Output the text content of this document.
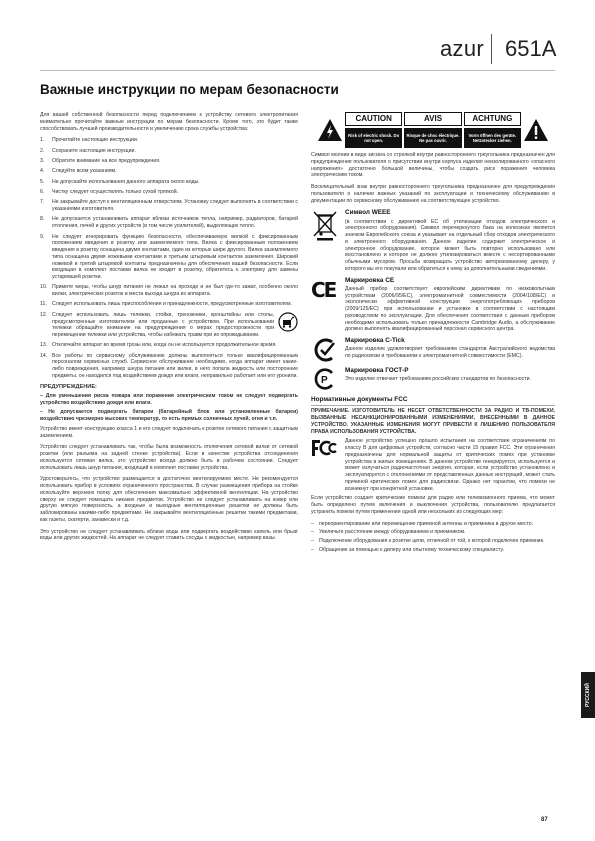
azur 651A
Важные инструкции по мерам безопасности

Для вашей собственной безопасности перед подключением к устройству сетевого электропитания внимательно прочитайте важные инструкции по мерам безопасности. Кроме того, это будет также способствовать лучшей производительности и увеличению срока службы устройства:

1.	Прочитайте настоящие инструкции.
2.	Сохраните настоящие инструкции.
3.	Обратите внимание на все предупреждения.
4.	Следуйте всем указаниям.
5.	Не допускайте использования данного аппарата около воды.
6.	Чистку следует осуществлять только сухой тряпкой.
7.	Не закрывайте доступ к вентиляционным отверстиям. Установку следует выполнять в соответствии с указаниями изготовителя.
8.	Не допускается устанавливать аппарат вблизи источников тепла, например, радиаторов, батарей отопления, печей и других устройств (в том числе усилителей), выделяющих тепло.
9.	Не следует игнорировать функцию безопасности, обеспечиваемую вилкой с фиксированным положением введения в розетку или заземляемого типа. Вилка с фиксированным положением введения в розетку оснащена двумя контактами, один из которых шире другого. Вилка заземляемого типа оснащена двумя ножевыми контактами и третьим штыревым контактом заземления. Широкий ножевой и третий штыревой контакты предназначены для обеспечения вашей безопасности. Если входящая в комплект поставки вилка не входит в розетку, обратитесь к электрику для замены устаревшей розетки.
10. Примите меры, чтобы шнур питания не лежал на проходе и не был где-то зажат, особенно около вилки, электрических розеток и места выхода шнура из аппарата.
11. Следует использовать лишь приспособления и принадлежности, предусмотренные изготовителем.
12. Следует использовать лишь тележки, стойки, треножники, кронштейны или столы, предусмотренные изготовителем или проданные с устройством. При использовании тележки обращайте внимание на предупреждения о мерах предосторожности при перемещении тележки или устройства, чтобы избежать травм при их опрокидывании.
13. Отключайте аппарат во время грозы или, когда он не используется продолжительное время.
14. Все работы по сервисному обслуживанию должны выполняться только квалифицированным персоналом сервисных служб. Сервисное обслуживание необходимо, когда аппарат имеет какие-либо повреждения, например шнура питания или вилки, в него попала жидкость или посторонние предметы, он находился под воздействием дождя или влаги, неправильно работает или его уронили.

ПРЕДУПРЕЖДЕНИЕ:

– Для уменьшения риска пожара или поражения электрическим током не следует подвергать устройство воздействию дождя или влаги.

– Не допускается подвергать батареи (батарейный блок или установленные батареи) воздействию чрезмерно высоких температур, то есть прямых солнечных лучей, огня и т.п.

Устройство имеет конструкцию класса 1 и его следует подключать к розетке сетевого питания с защитным заземлением.

Устройство следует устанавливать так, чтобы была возможность отключения сетевой вилки от сетевой розетки (или разъема на задней стенке устройства). Если в качестве устройства отсоединения используется сетевая вилка, это устройство всегда должно быть в рабочем состоянии. Следует использовать лишь шнур питания, входящий в комплект поставки устройства.

Удостоверьтесь, что устройство размещается в достаточно вентилируемом месте. Не рекомендуется использовать прибор в условиях ограниченного пространства. В случае размещения прибора на стойке используйте верхнюю полку для обеспечения максимально эффективной вентиляции. На устройство сверху не следует помещать никаких предметов. Устройство не следует устанавливать на ковер или другую мягкую поверхность, а входные и выходные вентиляционные решетки не должны быть заблокированы какими-либо предметами. Не закрывайте вентиляционные решетки такими предметами, как газеты, скатерти, занавески и т.д.

Это устройство не следует устанавливать вблизи воды или подвергать воздействию капель или брызг воды или других жидкостей. На аппарат не следует ставить сосуды с жидкостью, например вазы.

CAUTION	AVIS	ACHTUNG
Risk of electric shock. Do not open.
Risque de choc électrique. Ne pas ouvrir.
Vorm öffnen des geräte. Netzstecker ziehen.

Символ молнии в виде зигзага со стрелкой внутри равностороннего треугольника предназначен для предупреждения пользователя о присутствии внутри корпуса изделия неизолированного «опасного напряжения» достаточно большой величины, чтобы создать риск поражения человека электрическим током.

Восклицательный знак внутри равностороннего треугольника предназначен для предупреждения пользователя о наличии важных указаний по эксплуатации и техническому обслуживанию в документации по сервисному обслуживанию на соответствующее устройство.

Символ WEEE

(в соответствии с директивой ЕС об утилизации отходов электрического и электронного оборудования). Символ перечеркнутого бака на колесиках является значком Европейского союза и указывает на отдельный сбор отходов электрического и электронного оборудования. Данное изделие содержит электрическое и электронное оборудование, которое может быть повторно использовано или восстановлено и которое не должно утилизироваться вместе с несортированными обычными мусором. Просьба возвращать устройство авторизованному дилеру, у которого вы его покупали или обратиться к нему за дополнительными сведениями.

CE	Маркировка CE

Данный прибор соответствует европейским директивам по низковольтным устройствам (2006/95/EC), электромагнитной совместимости (2004/108/EC) и экологически эффективной конструкции энергопотребляющих приборов (2009/125/EC) при использовании и установке в соответствии с настоящим руководством по эксплуатации. Для обеспечения соответствия с данным прибором необходимо использовать только принадлежности Cambridge Audio, а обслуживание должно выполнять квалифицированный персонал сервисного центра.

Маркировка C-Tick

Данное изделие удовлетворяет требованиям стандартов Австралийского ведомства по радиосвязи и требованиям к электромагнитной совместимости (EMC).

P

Маркировка ГОСТ-Р

Это изделие отвечает требованиям российских стандартов по безопасности.

Нормативные документы FCC

ПРИМЕЧАНИЕ. ИЗГОТОВИТЕЛЬ НЕ НЕСЕТ ОТВЕТСТВЕННОСТИ ЗА РАДИО И ТВ-ПОМЕХИ, ВЫЗВАННЫЕ НЕСАНКЦИОНИРОВАННЫМИ ИЗМЕНЕНИЯМИ, ВНЕСЕННЫМИ В ДАННОЕ УСТРОЙСТВО. УКАЗАННЫЕ ИЗМЕНЕНИЯ МОГУТ ПРИВЕСТИ К ЛИШЕНИЮ ПОЛЬЗОВАТЕЛЯ ПРАВА ИСПОЛЬЗОВАНИЯ УСТРОЙСТВА.

Данное устройство успешно прошло испытания на соответствие ограничениям по классу B для цифровых устройств, согласно части 15 правил FCC. Эти ограничения предназначены для нормальной защиты от критических помех при установке устройства в жилых помещениях. В данном устройстве генерируется, используется и может излучаться радиочастотная энергия, которая, если устройство установлено и эксплуатируется с отклонениями от представленных данных инструкций, может стать причиной критических помех для радиосвязи. Однако нет гарантии, что помехи не возникнут при конкретной установке.

Если устройство создает критические помехи для радио или телевизионного приема, что может быть определено путем включения и выключения устройства, пользователю предлагается устранить помехи путем применения одной или нескольких из следующих мер:

– переориентирование или перемещение приемной антенны и приемника в другое место.
– Увеличьте расстояние между оборудованием и приемником.
– Подключение оборудования к розетке цепи, отличной от той, к которой подключен приемник.
– Обращение за помощью к дилеру или опытному техническому специалисту.
РУССКИЙ
87
